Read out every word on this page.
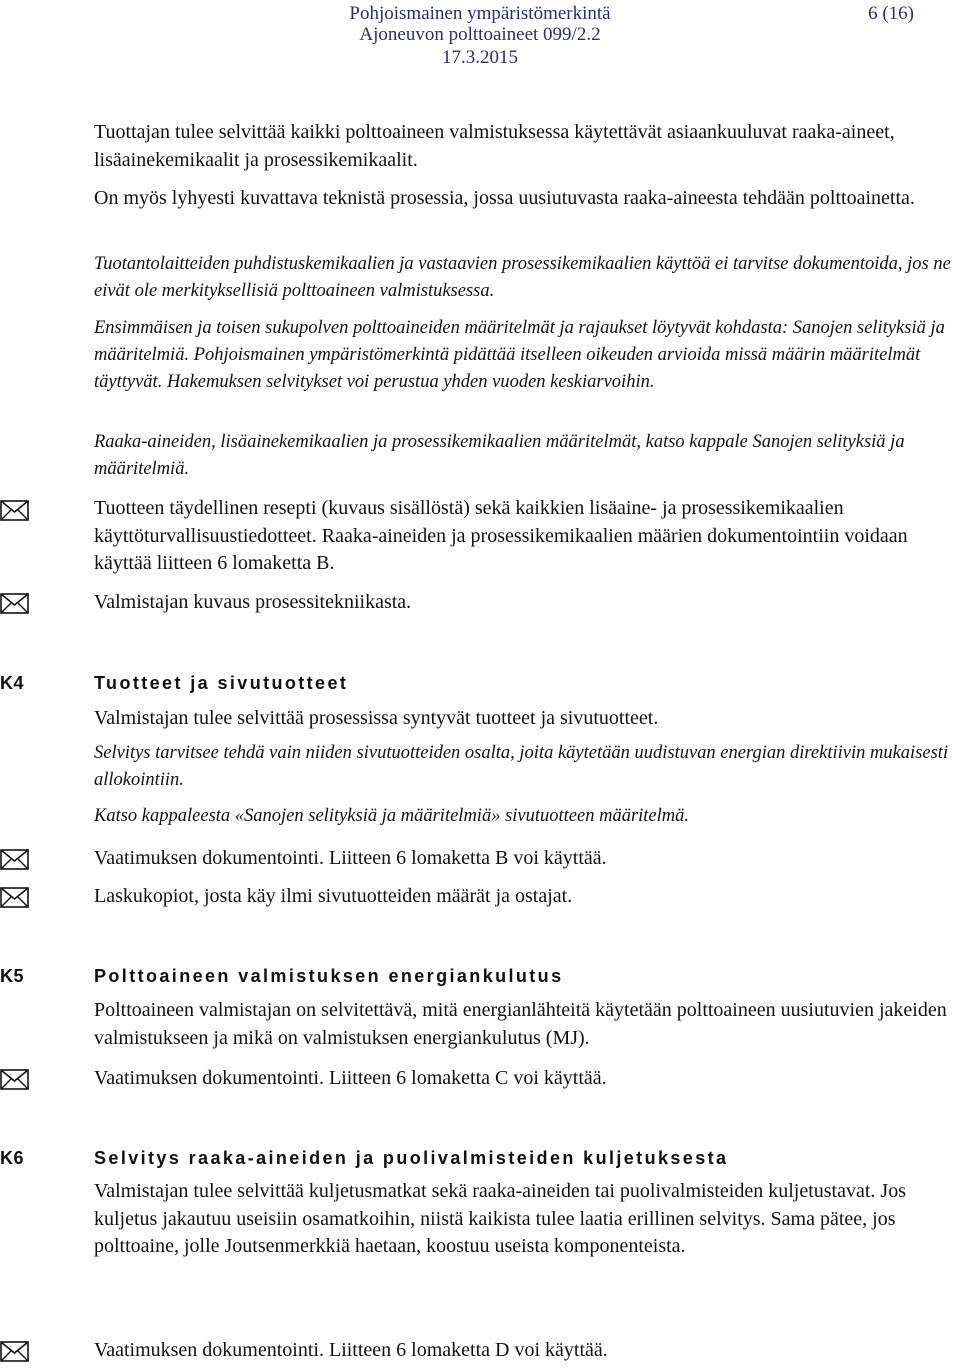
Pohjoismainen ympäristömerkintä
Ajoneuvon polttoaineet 099/2.2
17.3.2015
6 (16)

Tuottajan tulee selvittää kaikki polttoaineen valmistuksessa käytettävät asiaankuuluvat raaka-aineet, lisäainekemikaalit ja prosessikemikaalit.

On myös lyhyesti kuvattava teknistä prosessia, jossa uusiutuvasta raaka-aineesta tehdään polttoainetta.

Tuotantolaitteiden puhdistuskemikaalien ja vastaavien prosessikemikaalien käyttöä ei tarvitse dokumentoida, jos ne eivät ole merkityksellisiä polttoaineen valmistuksessa.

Ensimmäisen ja toisen sukupolven polttoaineiden määritelmät ja rajaukset löytyvät kohdasta: Sanojen selityksiä ja määritelmiä. Pohjoismainen ympäristömerkintä pidättää itselleen oikeuden arvioida missä määrin määritelmät täyttyvät. Hakemuksen selvitykset voi perustua yhden vuoden keskiarvoihin.

Raaka-aineiden, lisäainekemikaalien ja prosessikemikaalien määritelmät, katso kappale Sanojen selityksiä ja määritelmiä.

Tuotteen täydellinen resepti (kuvaus sisällöstä) sekä kaikkien lisäaine- ja prosessikemikaalien käyttöturvallisuustiedotteet. Raaka-aineiden ja prosessikemikaalien määrien dokumentointiin voidaan käyttää liitteen 6 lomaketta B.

Valmistajan kuvaus prosessitekniikasta.

K4	Tuotteet ja sivutuotteet

Valmistajan tulee selvittää prosessissa syntyvät tuotteet ja sivutuotteet.

Selvitys tarvitsee tehdä vain niiden sivutuotteiden osalta, joita käytetään uudistuvan energian direktiivin mukaisesti allokointiin.

Katso kappaleesta «Sanojen selityksiä ja määritelmiä» sivutuotteen määritelmä.

Vaatimuksen dokumentointi. Liitteen 6 lomaketta B voi käyttää.

Laskukopiot, josta käy ilmi sivutuotteiden määrät ja ostajat.

K5	Polttoaineen valmistuksen energiankulutus

Polttoaineen valmistajan on selvitettävä, mitä energianlähteitä käytetään polttoaineen uusiutuvien jakeiden valmistukseen ja mikä on valmistuksen energiankulutus (MJ).

Vaatimuksen dokumentointi. Liitteen 6 lomaketta C voi käyttää.

K6	Selvitys raaka-aineiden ja puolivalmisteiden kuljetuksesta

Valmistajan tulee selvittää kuljetusmatkat sekä raaka-aineiden tai puolivalmisteiden kuljetustavat. Jos kuljetus jakautuu useisiin osamatkoihin, niistä kaikista tulee laatia erillinen selvitys. Sama pätee, jos polttoaine, jolle Joutsenmerkkiä haetaan, koostuu useista komponenteista.

Vaatimuksen dokumentointi. Liitteen 6 lomaketta D voi käyttää.
